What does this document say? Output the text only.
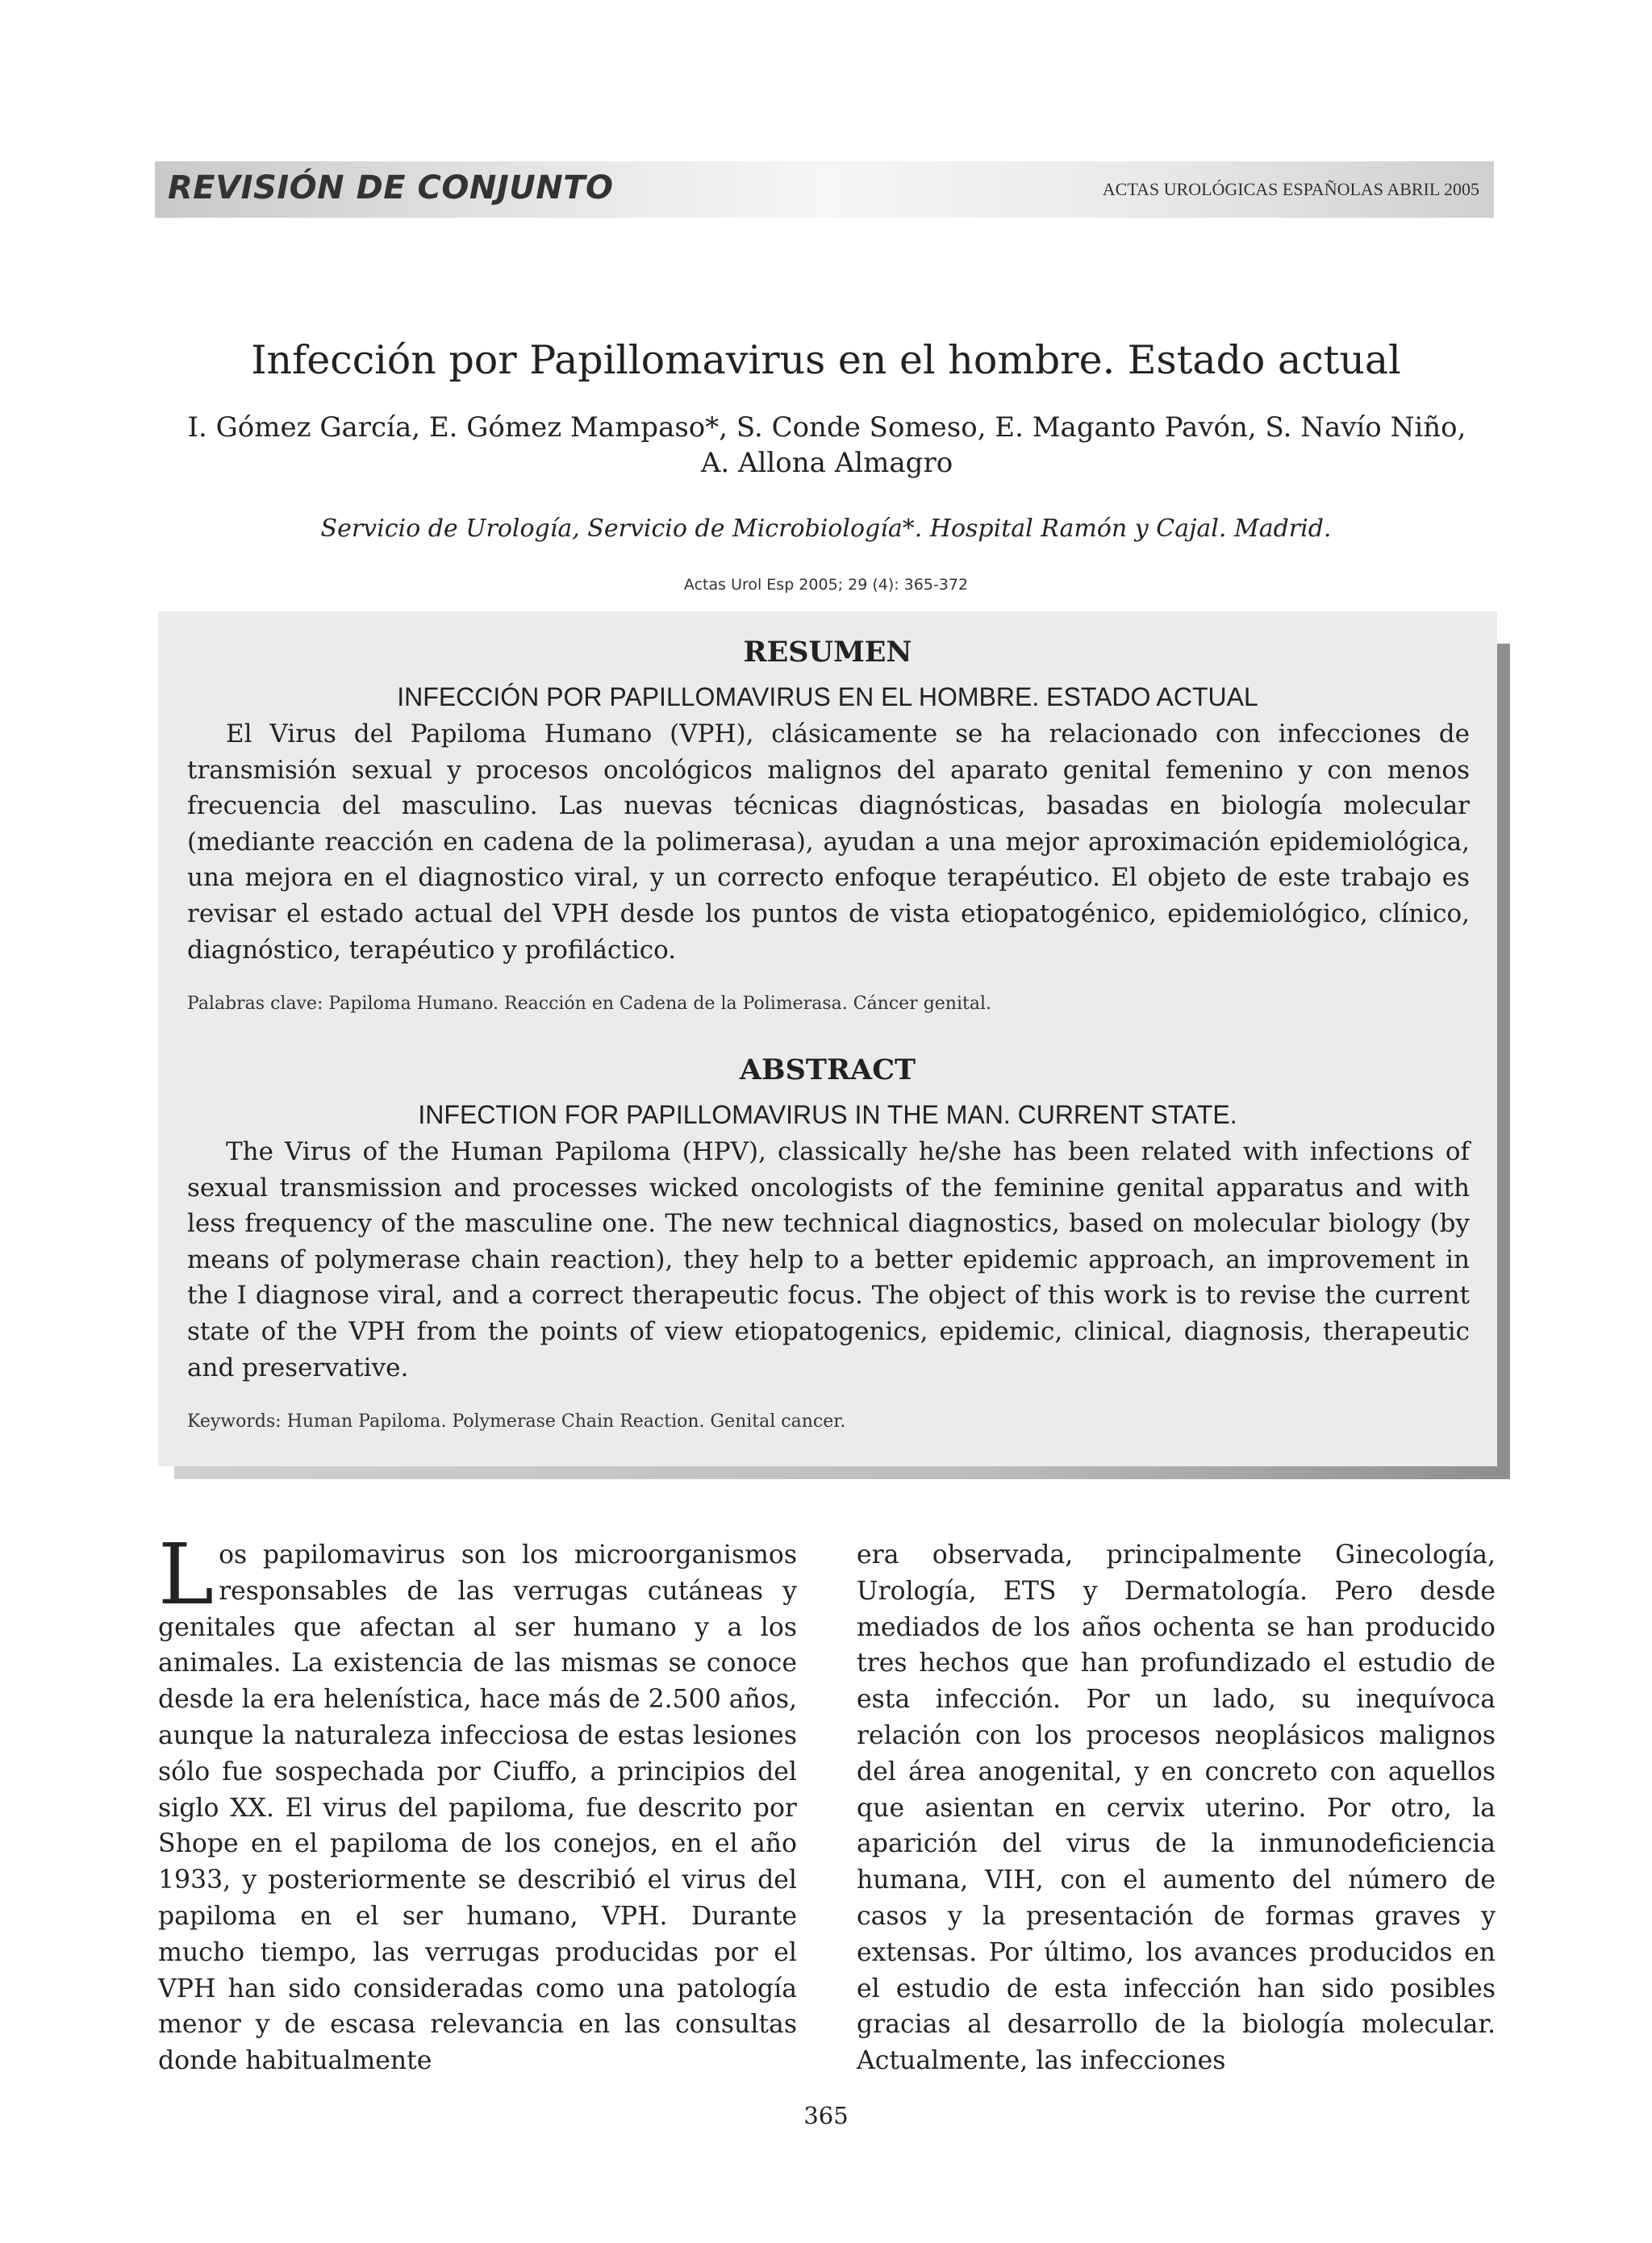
REVISIÓN DE CONJUNTO	ACTAS UROLÓGICAS ESPAÑOLAS ABRIL 2005
Infección por Papillomavirus en el hombre. Estado actual
I. Gómez García, E. Gómez Mampaso*, S. Conde Someso, E. Maganto Pavón, S. Navío Niño,
A. Allona Almagro
Servicio de Urología, Servicio de Microbiología*. Hospital Ramón y Cajal. Madrid.
Actas Urol Esp 2005; 29 (4): 365-372
RESUMEN
INFECCIÓN POR PAPILLOMAVIRUS EN EL HOMBRE. ESTADO ACTUAL
El Virus del Papiloma Humano (VPH), clásicamente se ha relacionado con infecciones de transmisión sexual y procesos oncológicos malignos del aparato genital femenino y con menos frecuencia del masculino. Las nuevas técnicas diagnósticas, basadas en biología molecular (mediante reacción en cadena de la polimerasa), ayudan a una mejor aproximación epidemiológica, una mejora en el diagnostico viral, y un correcto enfoque terapéutico. El objeto de este trabajo es revisar el estado actual del VPH desde los puntos de vista etiopatogénico, epidemiológico, clínico, diagnóstico, terapéutico y profiláctico.
Palabras clave: Papiloma Humano. Reacción en Cadena de la Polimerasa. Cáncer genital.
ABSTRACT
INFECTION FOR PAPILLOMAVIRUS IN THE MAN. CURRENT STATE.
The Virus of the Human Papiloma (HPV), classically he/she has been related with infections of sexual transmission and processes wicked oncologists of the feminine genital apparatus and with less frequency of the masculine one. The new technical diagnostics, based on molecular biology (by means of polymerase chain reaction), they help to a better epidemic approach, an improvement in the I diagnose viral, and a correct therapeutic focus. The object of this work is to revise the current state of the VPH from the points of view etiopatogenics, epidemic, clinical, diagnosis, therapeutic and preservative.
Keywords: Human Papiloma. Polymerase Chain Reaction. Genital cancer.
Los papilomavirus son los microorganismos responsables de las verrugas cutáneas y genitales que afectan al ser humano y a los animales. La existencia de las mismas se conoce desde la era helenística, hace más de 2.500 años, aunque la naturaleza infecciosa de estas lesiones sólo fue sospechada por Ciuffo, a principios del siglo XX. El virus del papiloma, fue descrito por Shope en el papiloma de los conejos, en el año 1933, y posteriormente se describió el virus del papiloma en el ser humano, VPH. Durante mucho tiempo, las verrugas producidas por el VPH han sido consideradas como una patología menor y de escasa relevancia en las consultas donde habitualmente
era observada, principalmente Ginecología, Urología, ETS y Dermatología. Pero desde mediados de los años ochenta se han producido tres hechos que han profundizado el estudio de esta infección. Por un lado, su inequívoca relación con los procesos neoplásicos malignos del área anogenital, y en concreto con aquellos que asientan en cervix uterino. Por otro, la aparición del virus de la inmunodeficiencia humana, VIH, con el aumento del número de casos y la presentación de formas graves y extensas. Por último, los avances producidos en el estudio de esta infección han sido posibles gracias al desarrollo de la biología molecular. Actualmente, las infecciones
365
